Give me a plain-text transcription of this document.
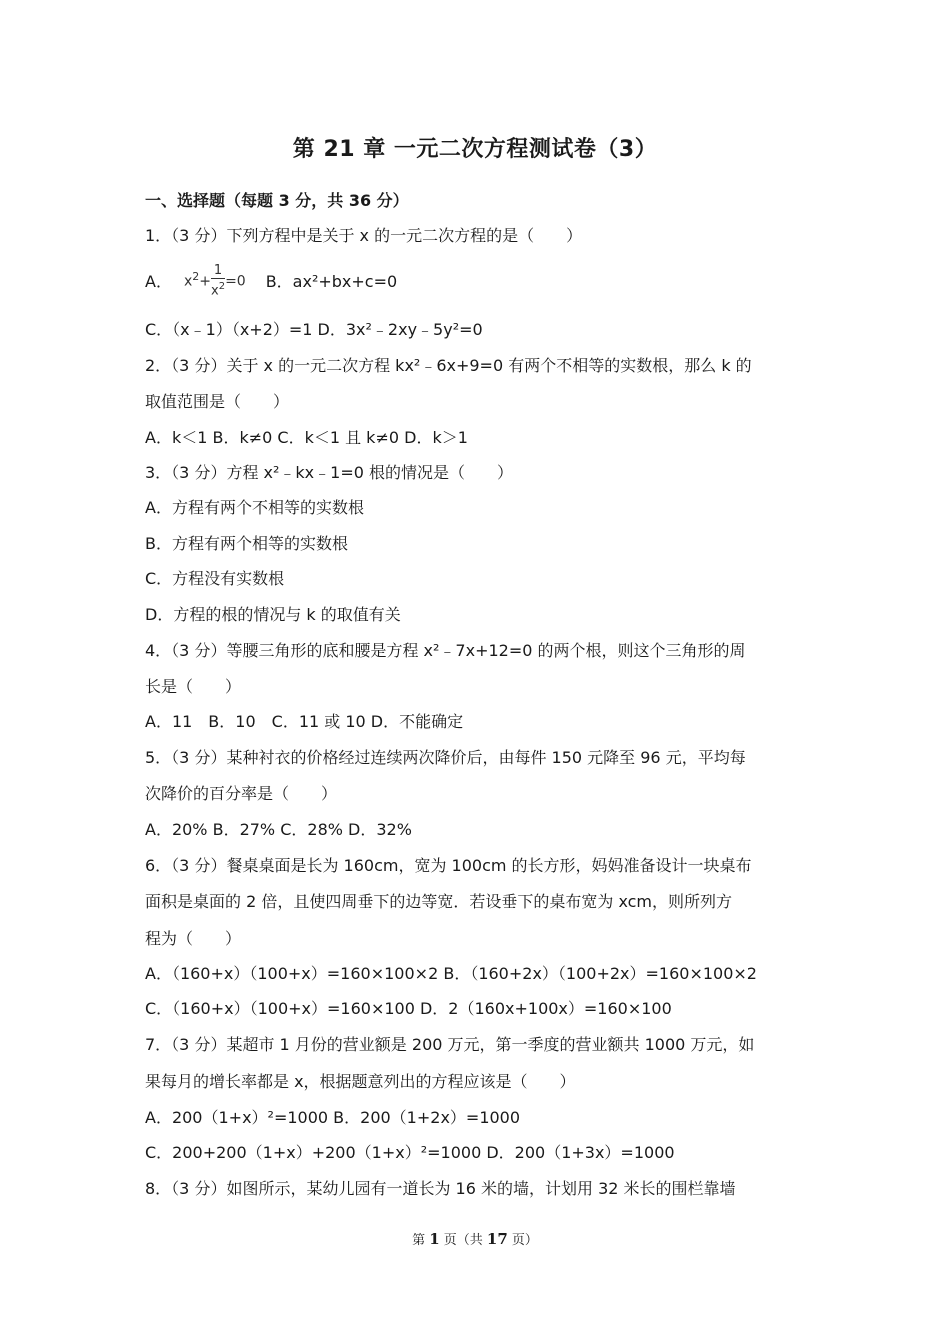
第 21 章 一元二次方程测试卷（3）
一、选择题（每题 3 分，共 36 分）
1．（3 分）下列方程中是关于 x 的一元二次方程的是（　　）
A． $x^2+ \frac{1}{x^2} =0$ B．ax²+bx+c=0
C．（x﹣1）（x+2）=1 D．3x²﹣2xy﹣5y²=0
2．（3 分）关于 x 的一元二次方程 kx²﹣6x+9=0 有两个不相等的实数根，那么 k 的
取值范围是（　　）
A．k＜1 B．k≠0 C．k＜1 且 k≠0 D．k＞1
3．（3 分）方程 x²﹣kx﹣1=0 根的情况是（　　）
A．方程有两个不相等的实数根
B．方程有两个相等的实数根
C．方程没有实数根
D．方程的根的情况与 k 的取值有关
4．（3 分）等腰三角形的底和腰是方程 x²﹣7x+12=0 的两个根，则这个三角形的周
长是（　　）
A．11　B．10　C．11 或 10 D．不能确定
5．（3 分）某种衬衣的价格经过连续两次降价后，由每件 150 元降至 96 元，平均每
次降价的百分率是（　　）
A．20% B．27% C．28% D．32%
6．（3 分）餐桌桌面是长为 160cm，宽为 100cm 的长方形，妈妈准备设计一块桌布
面积是桌面的 2 倍，且使四周垂下的边等宽．若设垂下的桌布宽为 xcm，则所列方
程为（　　）
A．（160+x）（100+x）=160×100×2 B．（160+2x）（100+2x）=160×100×2
C．（160+x）（100+x）=160×100 D．2（160x+100x）=160×100
7．（3 分）某超市 1 月份的营业额是 200 万元，第一季度的营业额共 1000 万元，如
果每月的增长率都是 x，根据题意列出的方程应该是（　　）
A．200（1+x）²=1000 B．200（1+2x）=1000
C．200+200（1+x）+200（1+x）²=1000 D．200（1+3x）=1000
8．（3 分）如图所示，某幼儿园有一道长为 16 米的墙，计划用 32 米长的围栏靠墙
第 1 页（共 17 页）
